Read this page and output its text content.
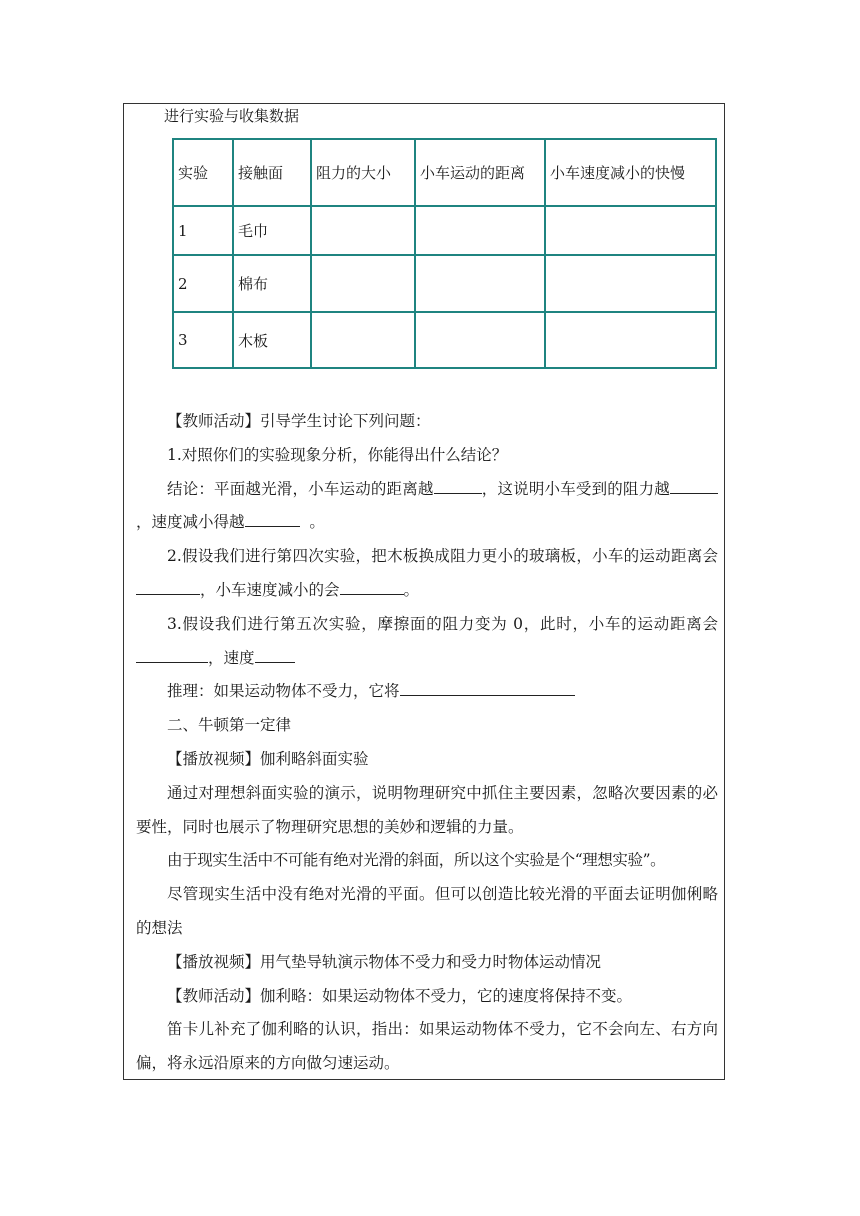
进行实验与收集数据
实验	接触面	阻力的大小	小车运动的距离	小车速度减小的快慢
1	毛巾			
2	棉布			
3	木板			

【教师活动】引导学生讨论下列问题：

1.对照你们的实验现象分析，你能得出什么结论？

结论：平面越光滑，小车运动的距离越	，这说明小车受到的阻力越，速度减小得越	。

2.假设我们进行第四次实验，把木板换成阻力更小的玻璃板，小车的运动距离会，小车速度减小的会	。

3.假设我们进行第五次实验，摩擦面的阻力变为 0，此时，小车的运动距离会，速度

推理：如果运动物体不受力，它将

二、牛顿第一定律

【播放视频】伽利略斜面实验

通过对理想斜面实验的演示，说明物理研究中抓住主要因素，忽略次要因素的必要性，同时也展示了物理研究思想的美妙和逻辑的力量。

由于现实生活中不可能有绝对光滑的斜面，所以这个实验是个“理想实验”。

尽管现实生活中没有绝对光滑的平面。但可以创造比较光滑的平面去证明伽俐略的想法

【播放视频】用气垫导轨演示物体不受力和受力时物体运动情况

【教师活动】伽利略：如果运动物体不受力，它的速度将保持不变。

笛卡儿补充了伽利略的认识，指出：如果运动物体不受力，它不会向左、右方向偏，将永远沿原来的方向做匀速运动。
